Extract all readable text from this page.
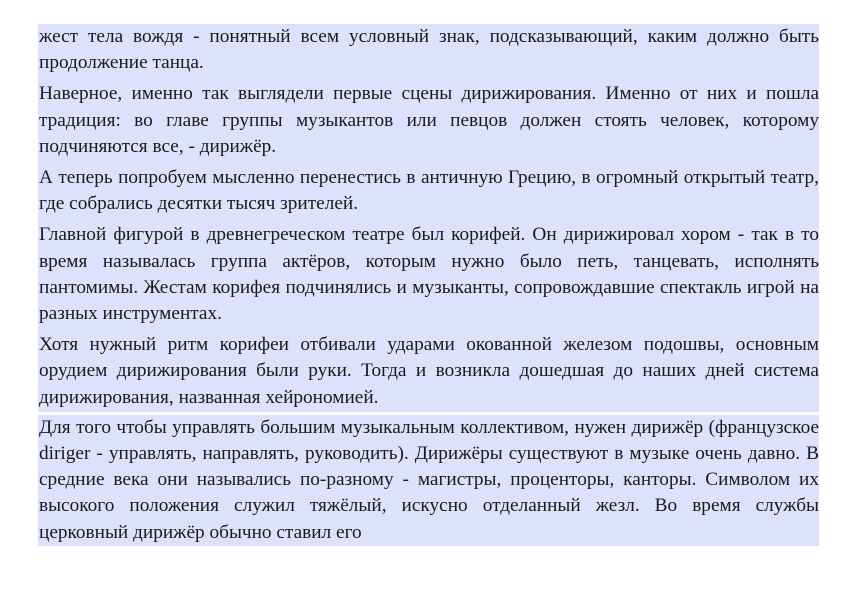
жест тела вождя - понятный всем условный знак, подсказывающий, каким должно быть продолжение танца.

Наверное, именно так выглядели первые сцены дирижирования. Именно от них и пошла традиция: во главе группы музыкантов или певцов должен стоять человек, которому подчиняются все, - дирижёр.

А теперь попробуем мысленно перенестись в античную Грецию, в огромный открытый театр, где собрались десятки тысяч зрителей.

Главной фигурой в древнегреческом театре был корифей. Он дирижировал хором - так в то время называлась группа актёров, которым нужно было петь, танцевать, исполнять пантомимы. Жестам корифея подчинялись и музыканты, сопровождавшие спектакль игрой на разных инструментах.

Хотя нужный ритм корифеи отбивали ударами окованной железом подошвы, основным орудием дирижирования были руки. Тогда и возникла дошедшая до наших дней система дирижирования, названная хейрономией.

Для того чтобы управлять большим музыкальным коллективом, нужен дирижёр (французское diriger - управлять, направлять, руководить). Дирижёры существуют в музыке очень давно. В средние века они назывались по-разному - магистры, проценторы, канторы. Символом их высокого положения служил тяжёлый, искусно отделанный жезл. Во время службы церковный дирижёр обычно ставил его
